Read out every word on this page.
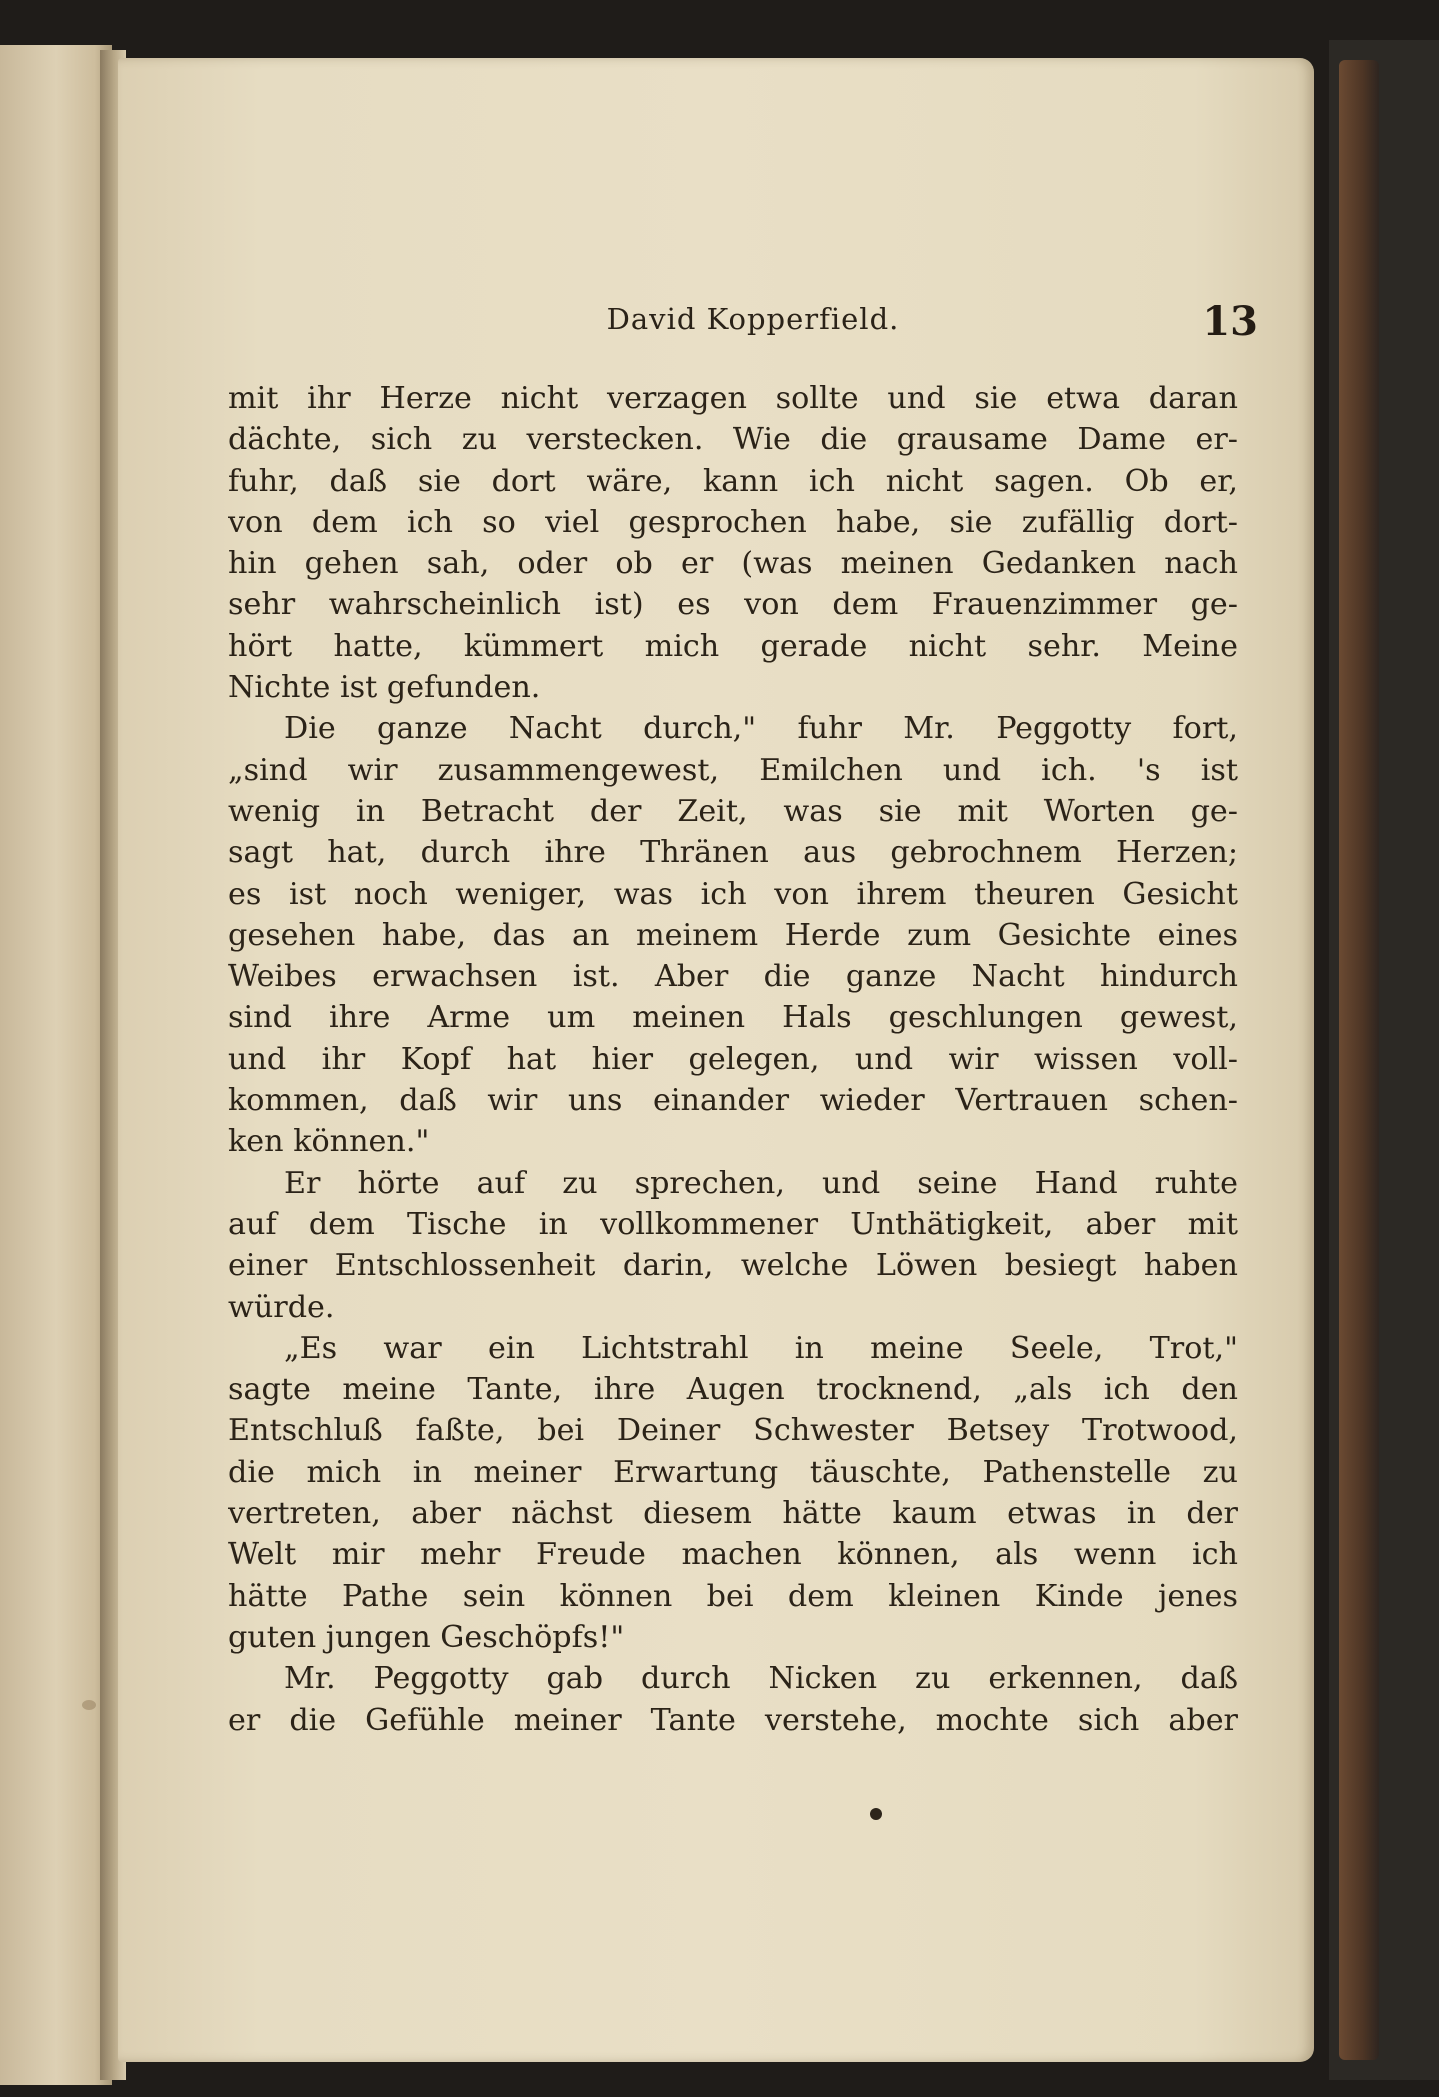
David Kopperfield.	13
mit ihr Herze nicht verzagen sollte und sie etwa daran
dächte, sich zu verstecken. Wie die grausame Dame er-
fuhr, daß sie dort wäre, kann ich nicht sagen. Ob er,
von dem ich so viel gesprochen habe, sie zufällig dort-
hin gehen sah, oder ob er (was meinen Gedanken nach
sehr wahrscheinlich ist) es von dem Frauenzimmer ge-
hört hatte, kümmert mich gerade nicht sehr. Meine
Nichte ist gefunden.
Die ganze Nacht durch," fuhr Mr. Peggotty fort,
„sind wir zusammengewest, Emilchen und ich. 's ist
wenig in Betracht der Zeit, was sie mit Worten ge-
sagt hat, durch ihre Thränen aus gebrochnem Herzen;
es ist noch weniger, was ich von ihrem theuren Gesicht
gesehen habe, das an meinem Herde zum Gesichte eines
Weibes erwachsen ist. Aber die ganze Nacht hindurch
sind ihre Arme um meinen Hals geschlungen gewest,
und ihr Kopf hat hier gelegen, und wir wissen voll-
kommen, daß wir uns einander wieder Vertrauen schen-
ken können."
Er hörte auf zu sprechen, und seine Hand ruhte
auf dem Tische in vollkommener Unthätigkeit, aber mit
einer Entschlossenheit darin, welche Löwen besiegt haben
würde.
„Es war ein Lichtstrahl in meine Seele, Trot,"
sagte meine Tante, ihre Augen trocknend, „als ich den
Entschluß faßte, bei Deiner Schwester Betsey Trotwood,
die mich in meiner Erwartung täuschte, Pathenstelle zu
vertreten, aber nächst diesem hätte kaum etwas in der
Welt mir mehr Freude machen können, als wenn ich
hätte Pathe sein können bei dem kleinen Kinde jenes
guten jungen Geschöpfs!"
Mr. Peggotty gab durch Nicken zu erkennen, daß
er die Gefühle meiner Tante verstehe, mochte sich aber
